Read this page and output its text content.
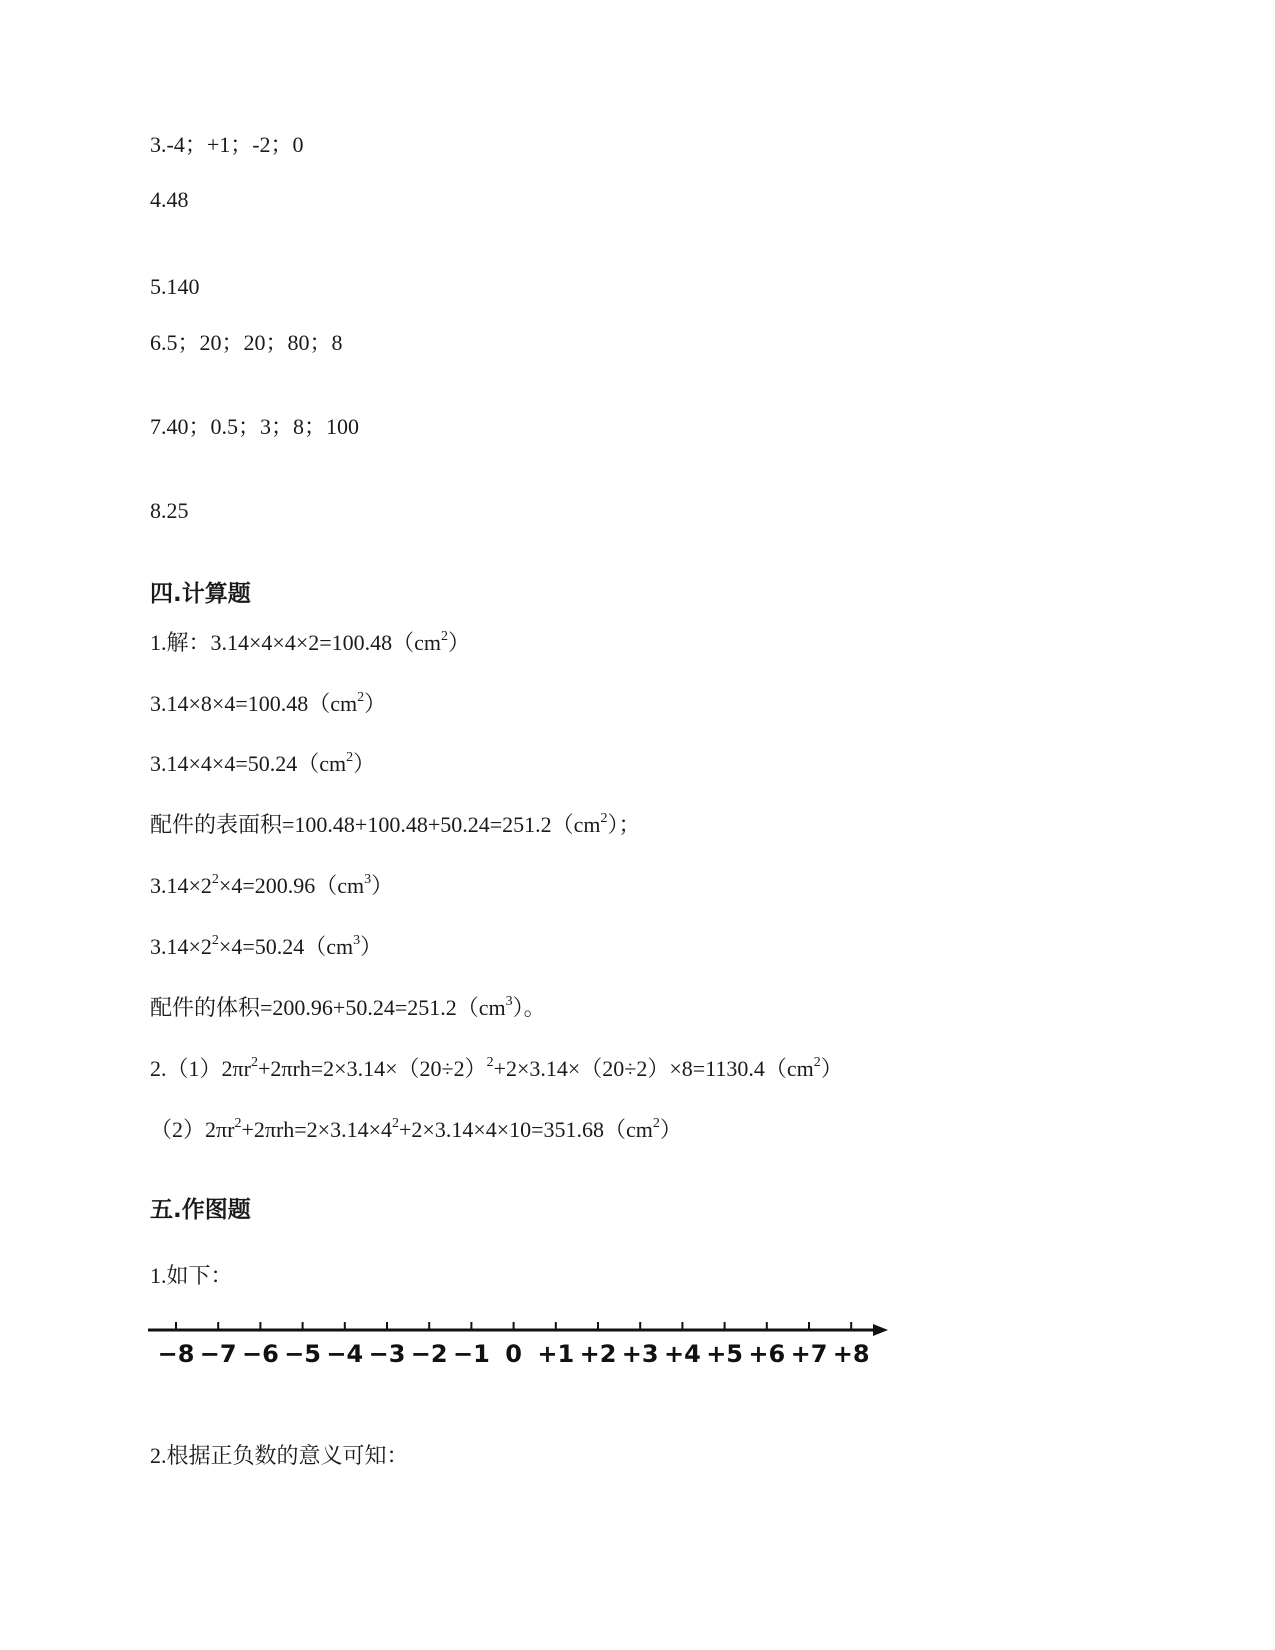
3.-4；+1；-2；0
4.48
5.140
6.5；20；20；80；8
7.40；0.5；3；8；100
8.25
四.计算题
1.解：$3.14\times 4\times 4\times 2=100.48(cm^2)$
$3.14\times 8\times 4=100.48(cm^2)$
$3.14\times 4\times 4=50.24(cm^2)$
配件的表面积$=100.48+100.48+50.24=251.2(cm^2)$；
$3.14\times 2^2\times 4=200.96(cm^3)$
$3.14\times 2^2\times 4=50.24(cm^3)$
配件的体积$=200.96+50.24=251.2(cm^3)$。
$2.(1)2\pi r^2+2\pi rh=2\times 3.14\times(20\div 2)^2+2\times 3.14\times(20\div 2)\times 8=1130.4(cm^2)$
$(2)2\pi r^2+2\pi rh=2\times 3.14\times 4^2+2\times 3.14\times 4\times 10=351.68(cm^2)$
五.作图题
1.如下：
−8 −7 −6 −5 −4 −3 −2 −1 0 +1 +2 +3 +4 +5 +6 +7 +8
2.根据正负数的意义可知：
